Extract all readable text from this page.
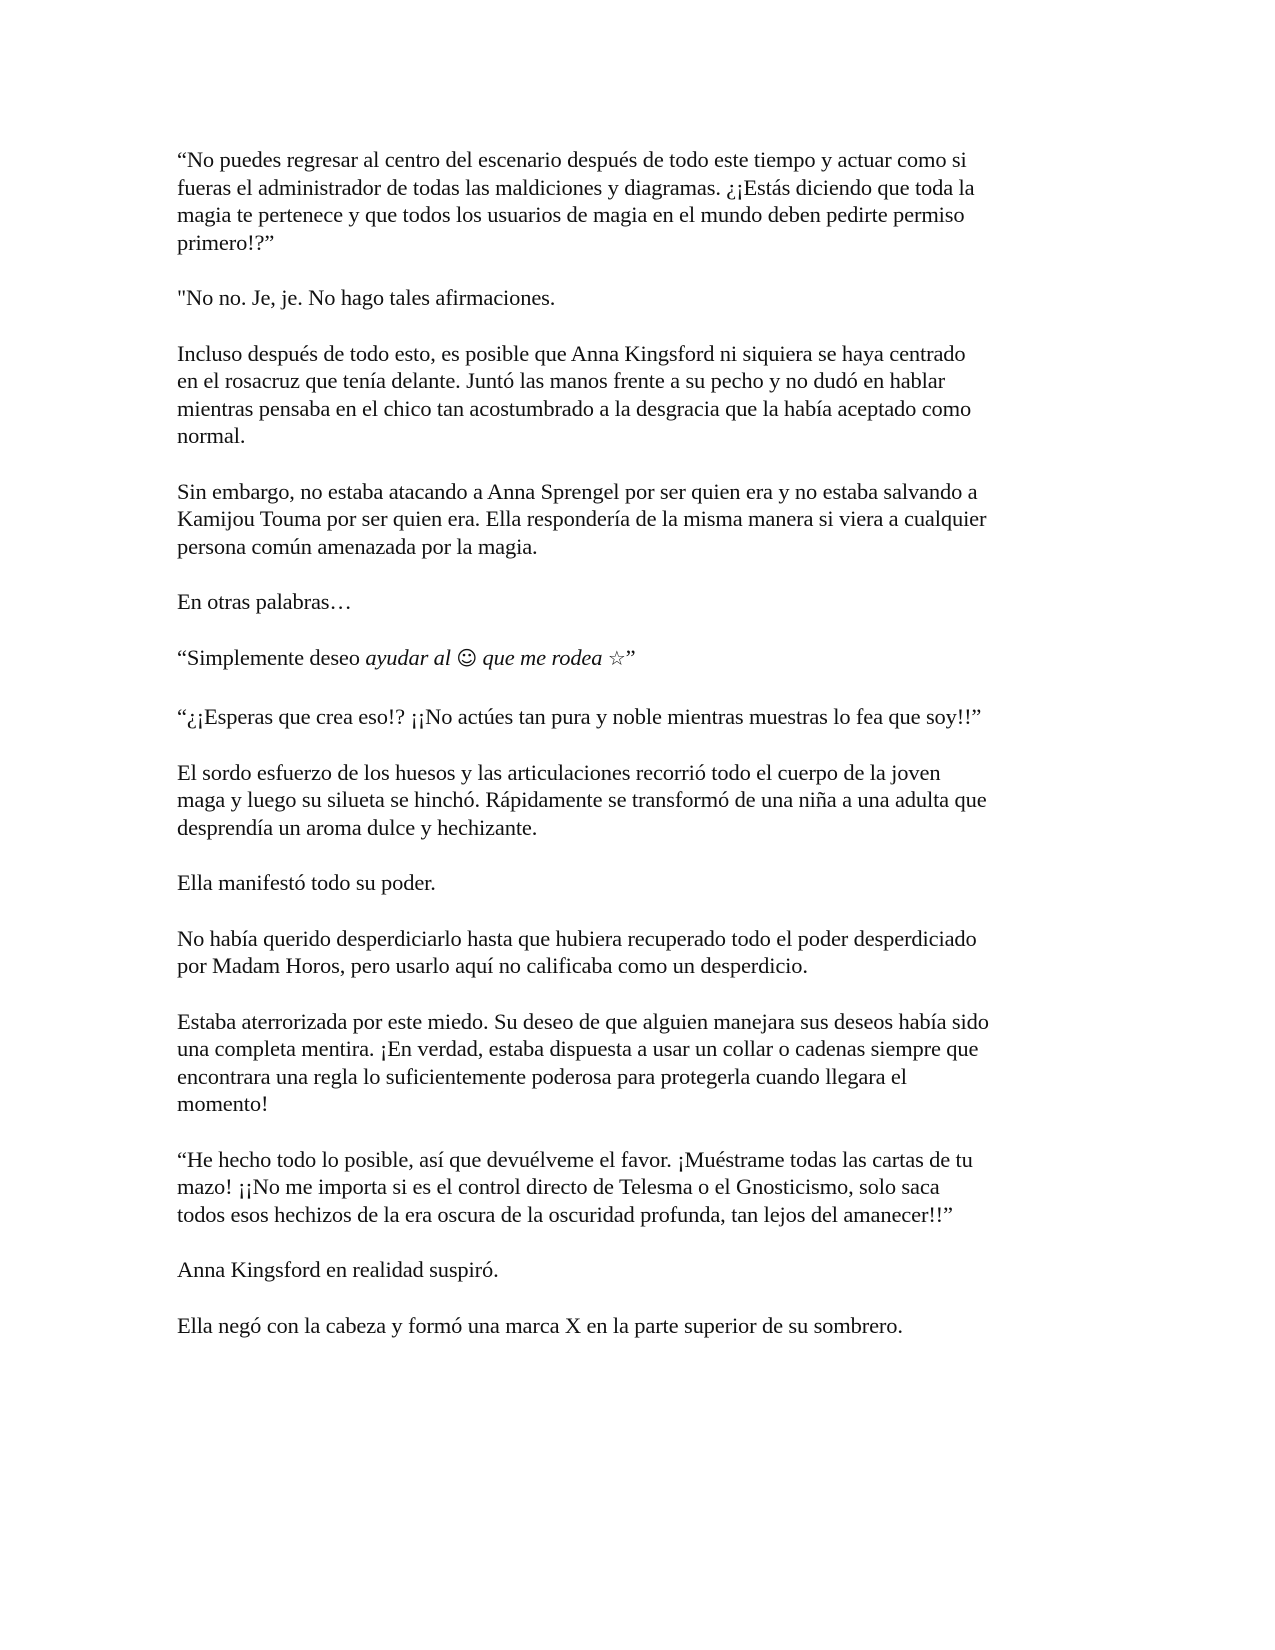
“No puedes regresar al centro del escenario después de todo este tiempo y actuar como si
fueras el administrador de todas las maldiciones y diagramas. ¿¡Estás diciendo que toda la
magia te pertenece y que todos los usuarios de magia en el mundo deben pedirte permiso
primero!?”

"No no. Je, je. No hago tales afirmaciones.

Incluso después de todo esto, es posible que Anna Kingsford ni siquiera se haya centrado
en el rosacruz que tenía delante. Juntó las manos frente a su pecho y no dudó en hablar
mientras pensaba en el chico tan acostumbrado a la desgracia que la había aceptado como
normal.

Sin embargo, no estaba atacando a Anna Sprengel por ser quien era y no estaba salvando a
Kamijou Touma por ser quien era. Ella respondería de la misma manera si viera a cualquier
persona común amenazada por la magia.

En otras palabras…

“Simplemente deseo ayudar al ☺ que me rodea ☆”

“¿¡Esperas que crea eso!? ¡¡No actúes tan pura y noble mientras muestras lo fea que soy!!”

El sordo esfuerzo de los huesos y las articulaciones recorrió todo el cuerpo de la joven
maga y luego su silueta se hinchó. Rápidamente se transformó de una niña a una adulta que
desprendía un aroma dulce y hechizante.

Ella manifestó todo su poder.

No había querido desperdiciarlo hasta que hubiera recuperado todo el poder desperdiciado
por Madam Horos, pero usarlo aquí no calificaba como un desperdicio.

Estaba aterrorizada por este miedo. Su deseo de que alguien manejara sus deseos había sido
una completa mentira. ¡En verdad, estaba dispuesta a usar un collar o cadenas siempre que
encontrara una regla lo suficientemente poderosa para protegerla cuando llegara el
momento!

“He hecho todo lo posible, así que devuélveme el favor. ¡Muéstrame todas las cartas de tu
mazo! ¡¡No me importa si es el control directo de Telesma o el Gnosticismo, solo saca
todos esos hechizos de la era oscura de la oscuridad profunda, tan lejos del amanecer!!”

Anna Kingsford en realidad suspiró.

Ella negó con la cabeza y formó una marca X en la parte superior de su sombrero.
